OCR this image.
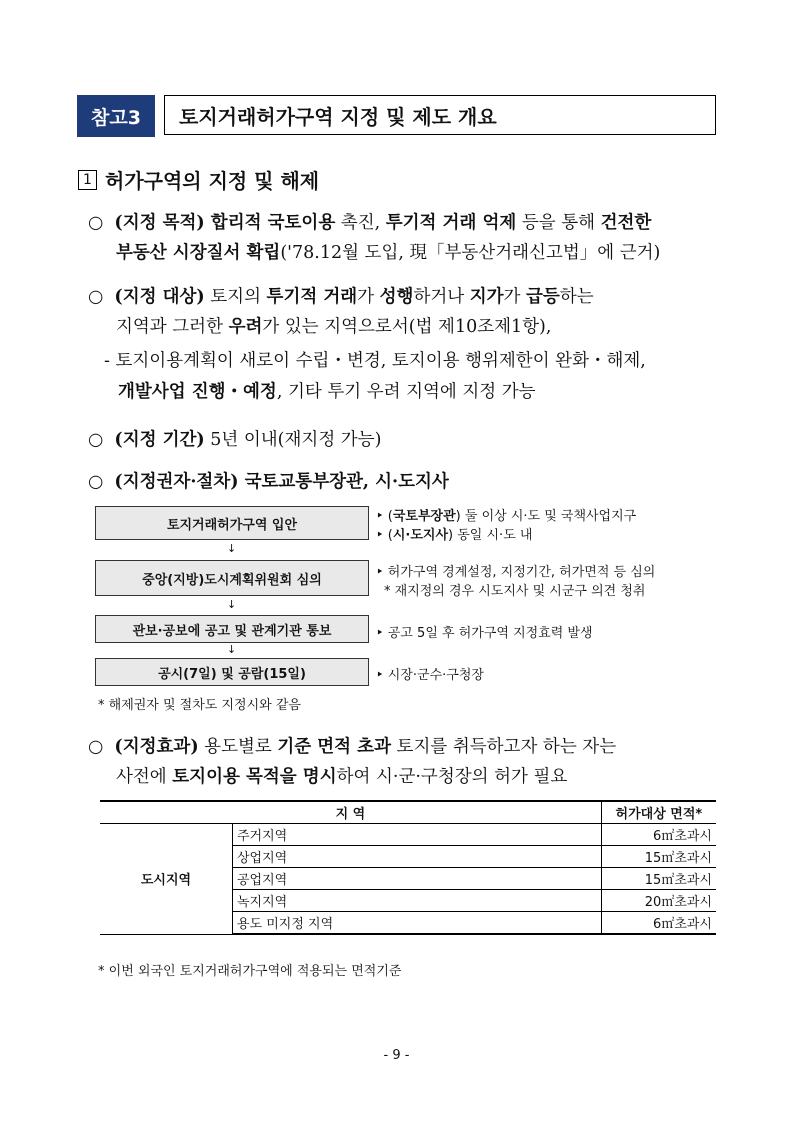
참고3	토지거래허가구역 지정 및 제도 개요
1 허가구역의 지정 및 해제
○ (지정 목적) 합리적 국토이용 촉진, 투기적 거래 억제 등을 통해 건전한
부동산 시장질서 확립('78.12월 도입, 現「부동산거래신고법」에 근거)
○ (지정 대상) 토지의 투기적 거래가 성행하거나 지가가 급등하는
지역과 그러한 우려가 있는 지역으로서(법 제10조제1항),
- 토지이용계획이 새로이 수립・변경, 토지이용 행위제한이 완화・해제,
개발사업 진행・예정, 기타 투기 우려 지역에 지정 가능
○ (지정 기간) 5년 이내(재지정 가능)
○ (지정권자·절차) 국토교통부장관, 시·도지사
토지거래허가구역 입안
↓
중앙(지방)도시계획위원회 심의
↓
관보·공보에 공고 및 관계기관 통보
↓
공시(7일) 및 공람(15일)
‣ (국토부장관) 둘 이상 시·도 및 국책사업지구
‣ (시·도지사) 동일 시·도 내
‣ 허가구역 경계설정, 지정기간, 허가면적 등 심의
* 재지정의 경우 시도지사 및 시군구 의견 청취
‣ 공고 5일 후 허가구역 지정효력 발생
‣ 시장·군수·구청장
* 해제권자 및 절차도 지정시와 같음
○ (지정효과) 용도별로 기준 면적 초과 토지를 취득하고자 하는 자는
사전에 토지이용 목적을 명시하여 시·군·구청장의 허가 필요
지 역		허가대상 면적*
도시지역	주거지역	6㎡초과시
	상업지역	15㎡초과시
	공업지역	15㎡초과시
	녹지지역	20㎡초과시
	용도 미지정 지역	6㎡초과시
* 이번 외국인 토지거래허가구역에 적용되는 면적기준
- 9 -
